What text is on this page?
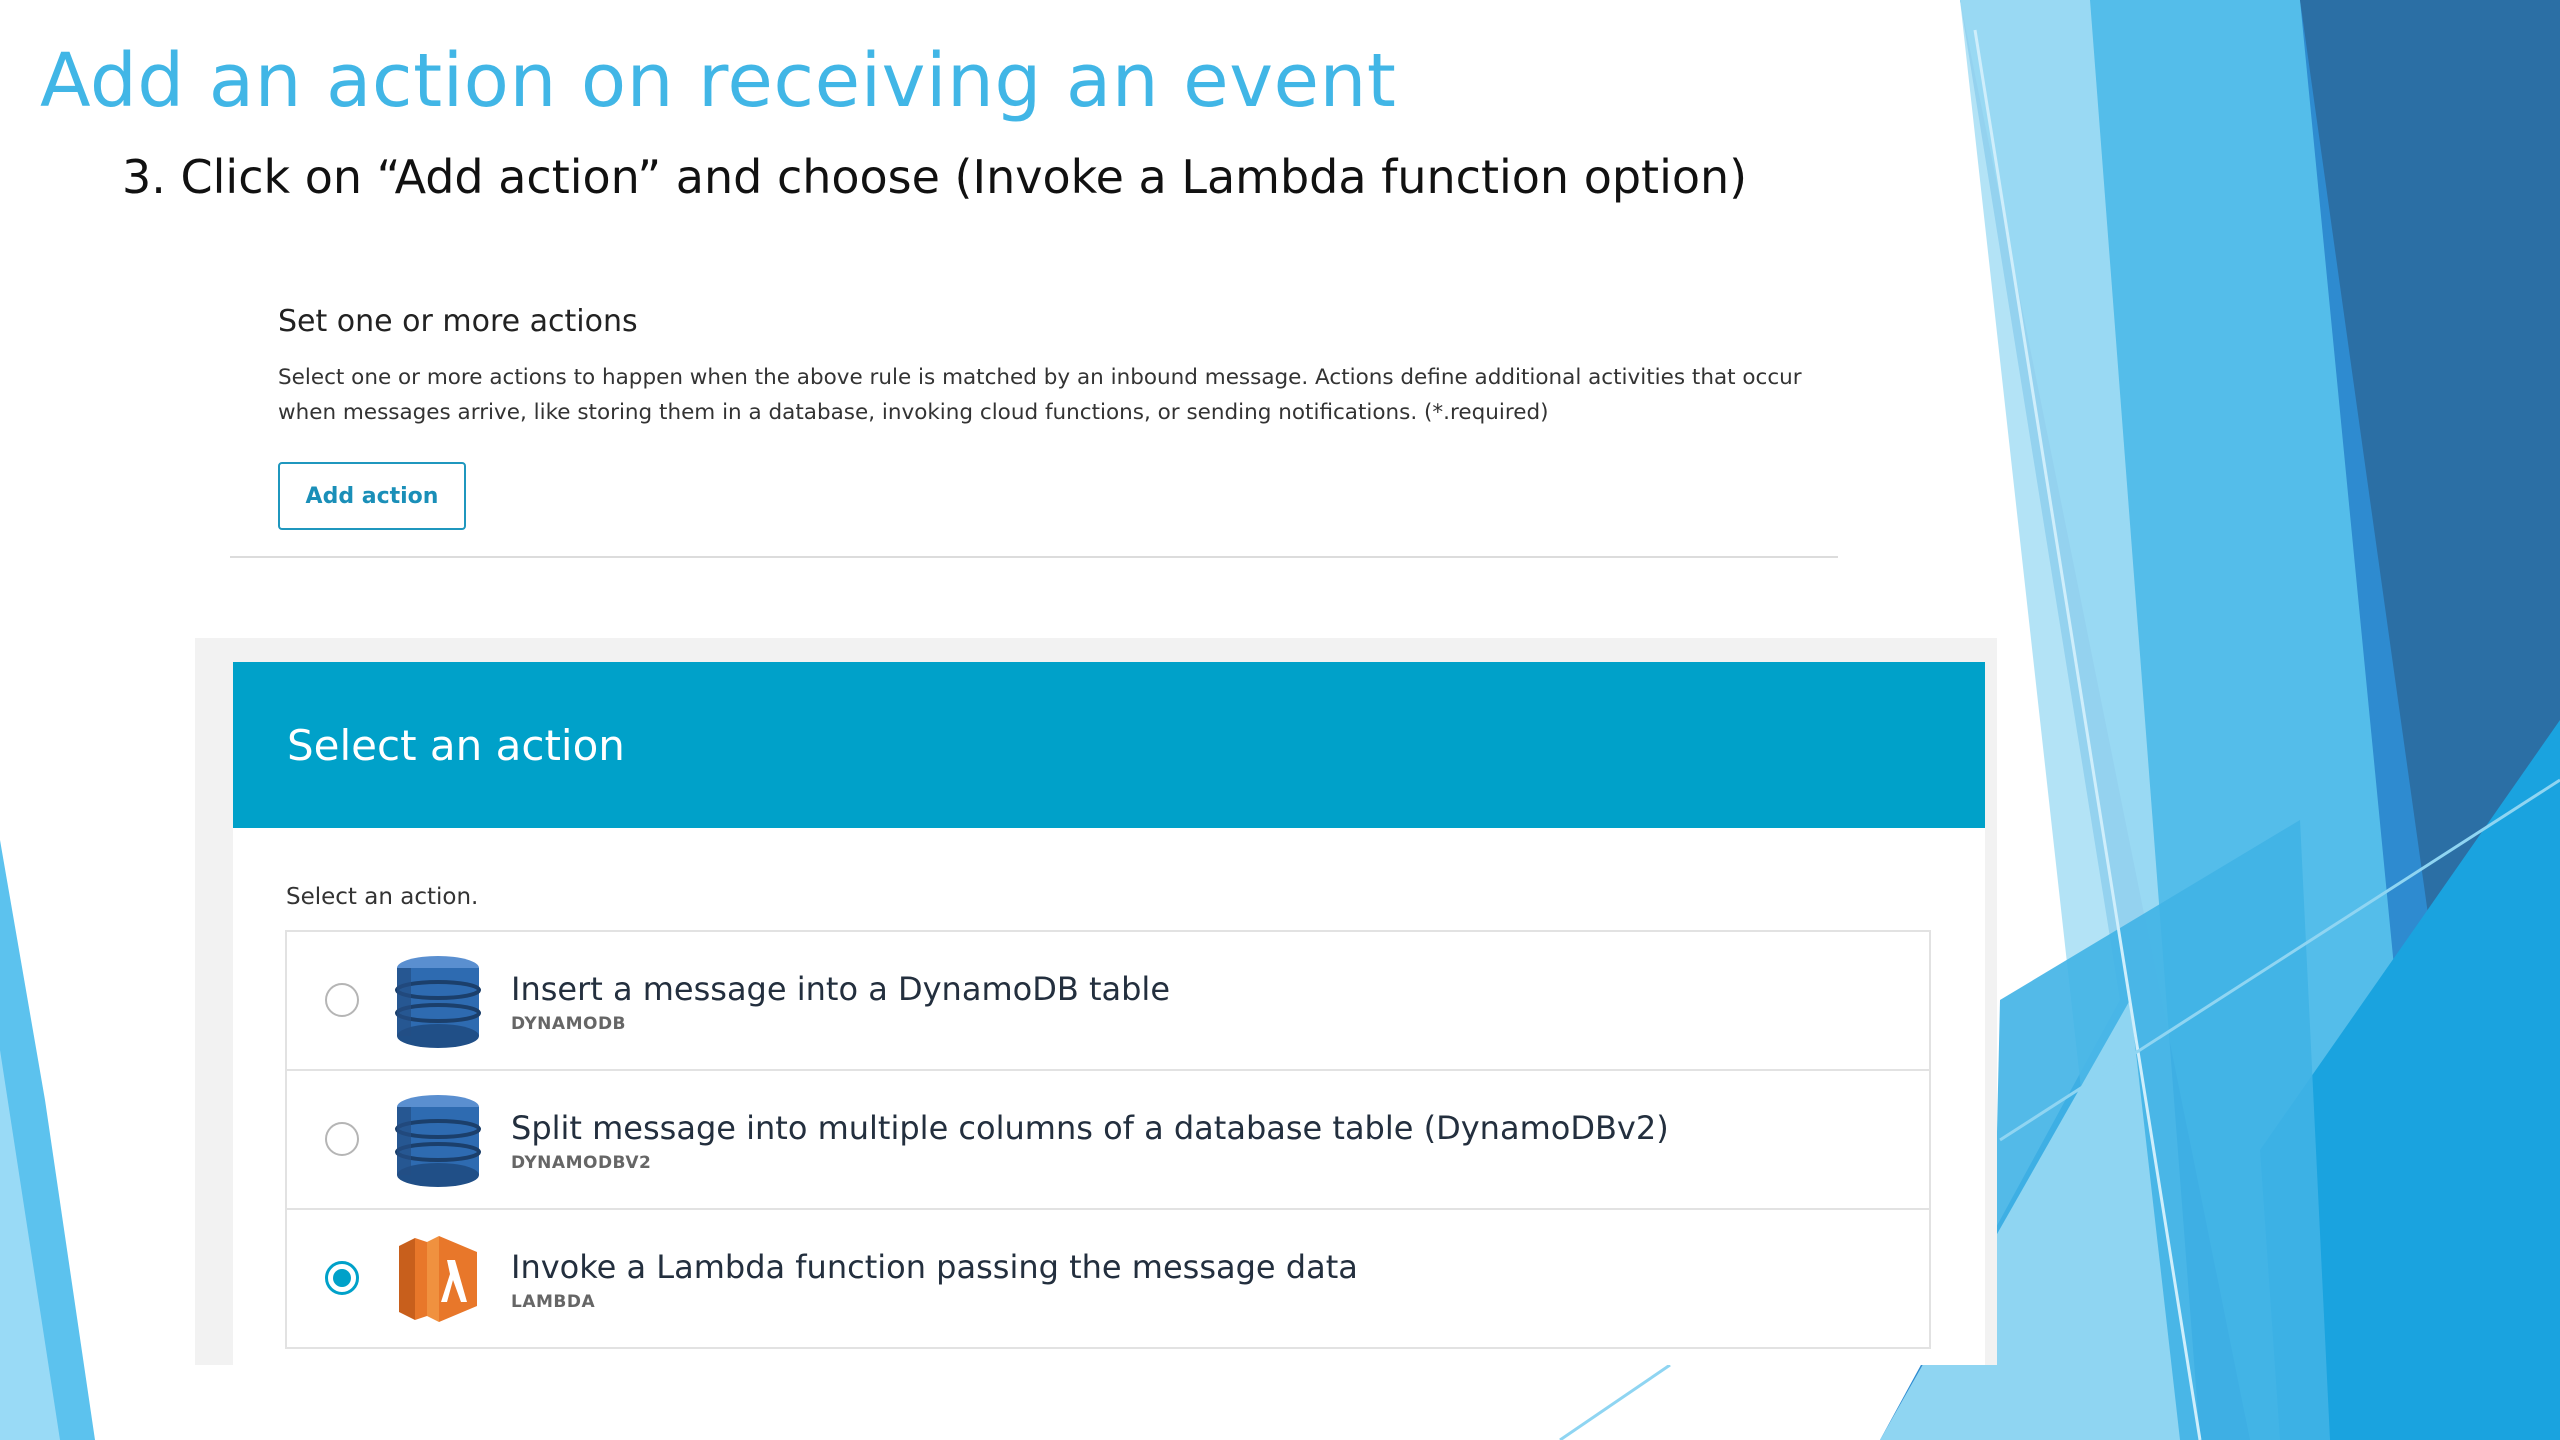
Add an action on receiving an event

3. Click on “Add action” and choose (Invoke a Lambda function option)

Set one or more actions
Select one or more actions to happen when the above rule is matched by an inbound message. Actions define additional activities that occur when messages arrive, like storing them in a database, invoking cloud functions, or sending notifications. (*.required)
Add action
Select an action
Select an action.
Insert a message into a DynamoDB table
DYNAMODB
Split message into multiple columns of a database table (DynamoDBv2)
DYNAMODBV2
Invoke a Lambda function passing the message data
LAMBDA
